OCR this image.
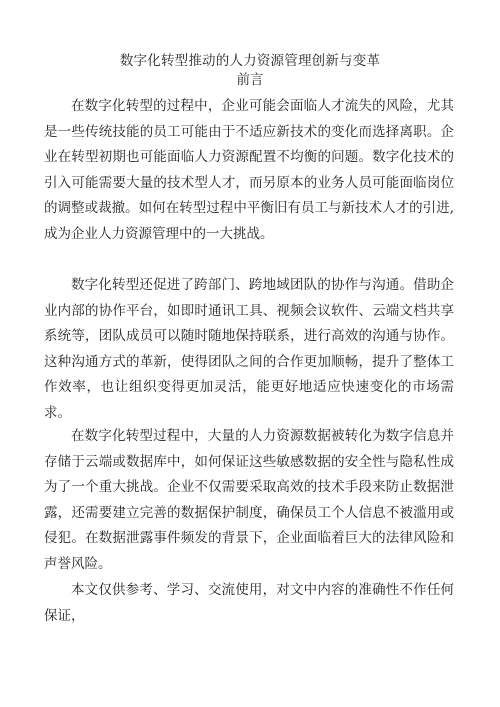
数字化转型推动的人力资源管理创新与变革
前言

在数字化转型的过程中，企业可能会面临人才流失的风险，尤其是一些传统技能的员工可能由于不适应新技术的变化而选择离职。企业在转型初期也可能面临人力资源配置不均衡的问题。数字化技术的引入可能需要大量的技术型人才，而另原本的业务人员可能面临岗位的调整或裁撤。如何在转型过程中平衡旧有员工与新技术人才的引进,成为企业人力资源管理中的一大挑战。

数字化转型还促进了跨部门、跨地域团队的协作与沟通。借助企业内部的协作平台，如即时通讯工具、视频会议软件、云端文档共享系统等，团队成员可以随时随地保持联系，进行高效的沟通与协作。这种沟通方式的革新，使得团队之间的合作更加顺畅，提升了整体工作效率，也让组织变得更加灵活，能更好地适应快速变化的市场需求。

在数字化转型过程中，大量的人力资源数据被转化为数字信息并存储于云端或数据库中，如何保证这些敏感数据的安全性与隐私性成为了一个重大挑战。企业不仅需要采取高效的技术手段来防止数据泄露，还需要建立完善的数据保护制度，确保员工个人信息不被滥用或侵犯。在数据泄露事件频发的背景下，企业面临着巨大的法律风险和声誉风险。

本文仅供参考、学习、交流使用，对文中内容的准确性不作任何保证，
